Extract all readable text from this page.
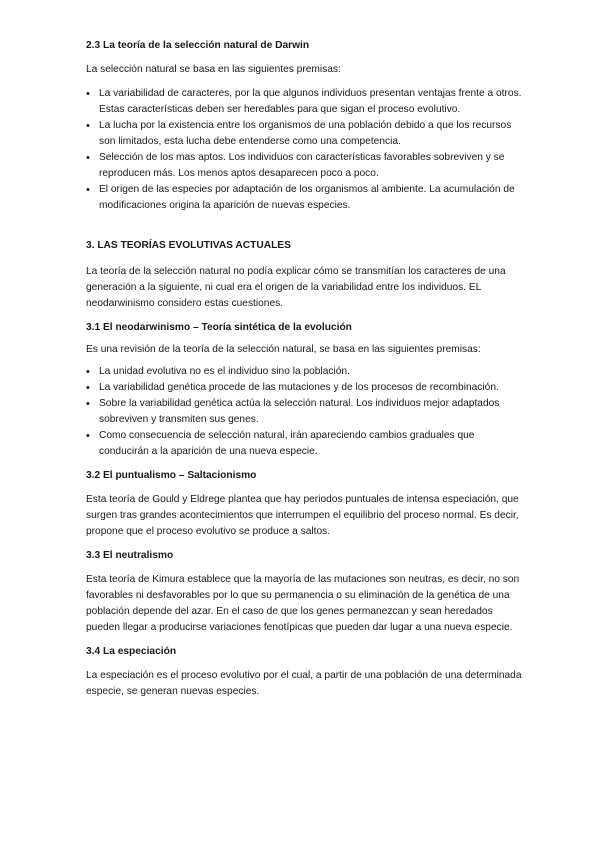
2.3 La teoría de la selección natural de Darwin

La selección natural se basa en las siguientes premisas:

• La variabilidad de caracteres, por la que algunos individuos presentan ventajas frente a otros. Estas características deben ser heredables para que sigan el proceso evolutivo.
• La lucha por la existencia entre los organismos de una población debido a que los recursos son limitados, esta lucha debe entenderse como una competencia.
• Selección de los mas aptos. Los individuos con características favorables sobreviven y se reproducen más. Los menos aptos desaparecen poco a poco.
• El origen de las especies por adaptación de los organismos al ambiente. La acumulación de modificaciones origina la aparición de nuevas especies.
3. LAS TEORÍAS EVOLUTIVAS ACTUALES

La teoría de la selección natural no podía explicar cómo se transmitían los caracteres de una generación a la siguiente, ni cual era el origen de la variabilidad entre los individuos. EL neodarwinismo considero estas cuestiones.

3.1 El neodarwinismo – Teoría sintética de la evolución

Es una revisión de la teoría de la selección natural, se basa en las siguientes premisas:

• La unidad evolutiva no es el individuo sino la población.
• La variabilidad genética procede de las mutaciones y de los procesos de recombinación.
• Sobre la variabilidad genética actúa la selección natural. Los individuos mejor adaptados sobreviven y transmiten sus genes.
• Como consecuencia de selección natural, irán apareciendo cambios graduales que conducirán a la aparición de una nueva especie.
3.2 El puntualismo – Saltacionismo

Esta teoría de Gould y Eldrege plantea que hay periodos puntuales de intensa especiación, que surgen tras grandes acontecimientos que interrumpen el equilibrio del proceso normal. Es decir, propone que el proceso evolutivo se produce a saltos.

3.3 El neutralismo

Esta teoría de Kimura establece que la mayoría de las mutaciones son neutras, es decir, no son favorables ni desfavorables por lo que su permanencia o su eliminación de la genética de una población depende del azar. En el caso de que los genes permanezcan y sean heredados pueden llegar a producirse variaciones fenotípicas que pueden dar lugar a una nueva especie.

3.4 La especiación

La especiación es el proceso evolutivo por el cual, a partir de una población de una determinada especie, se generan nuevas especies.
